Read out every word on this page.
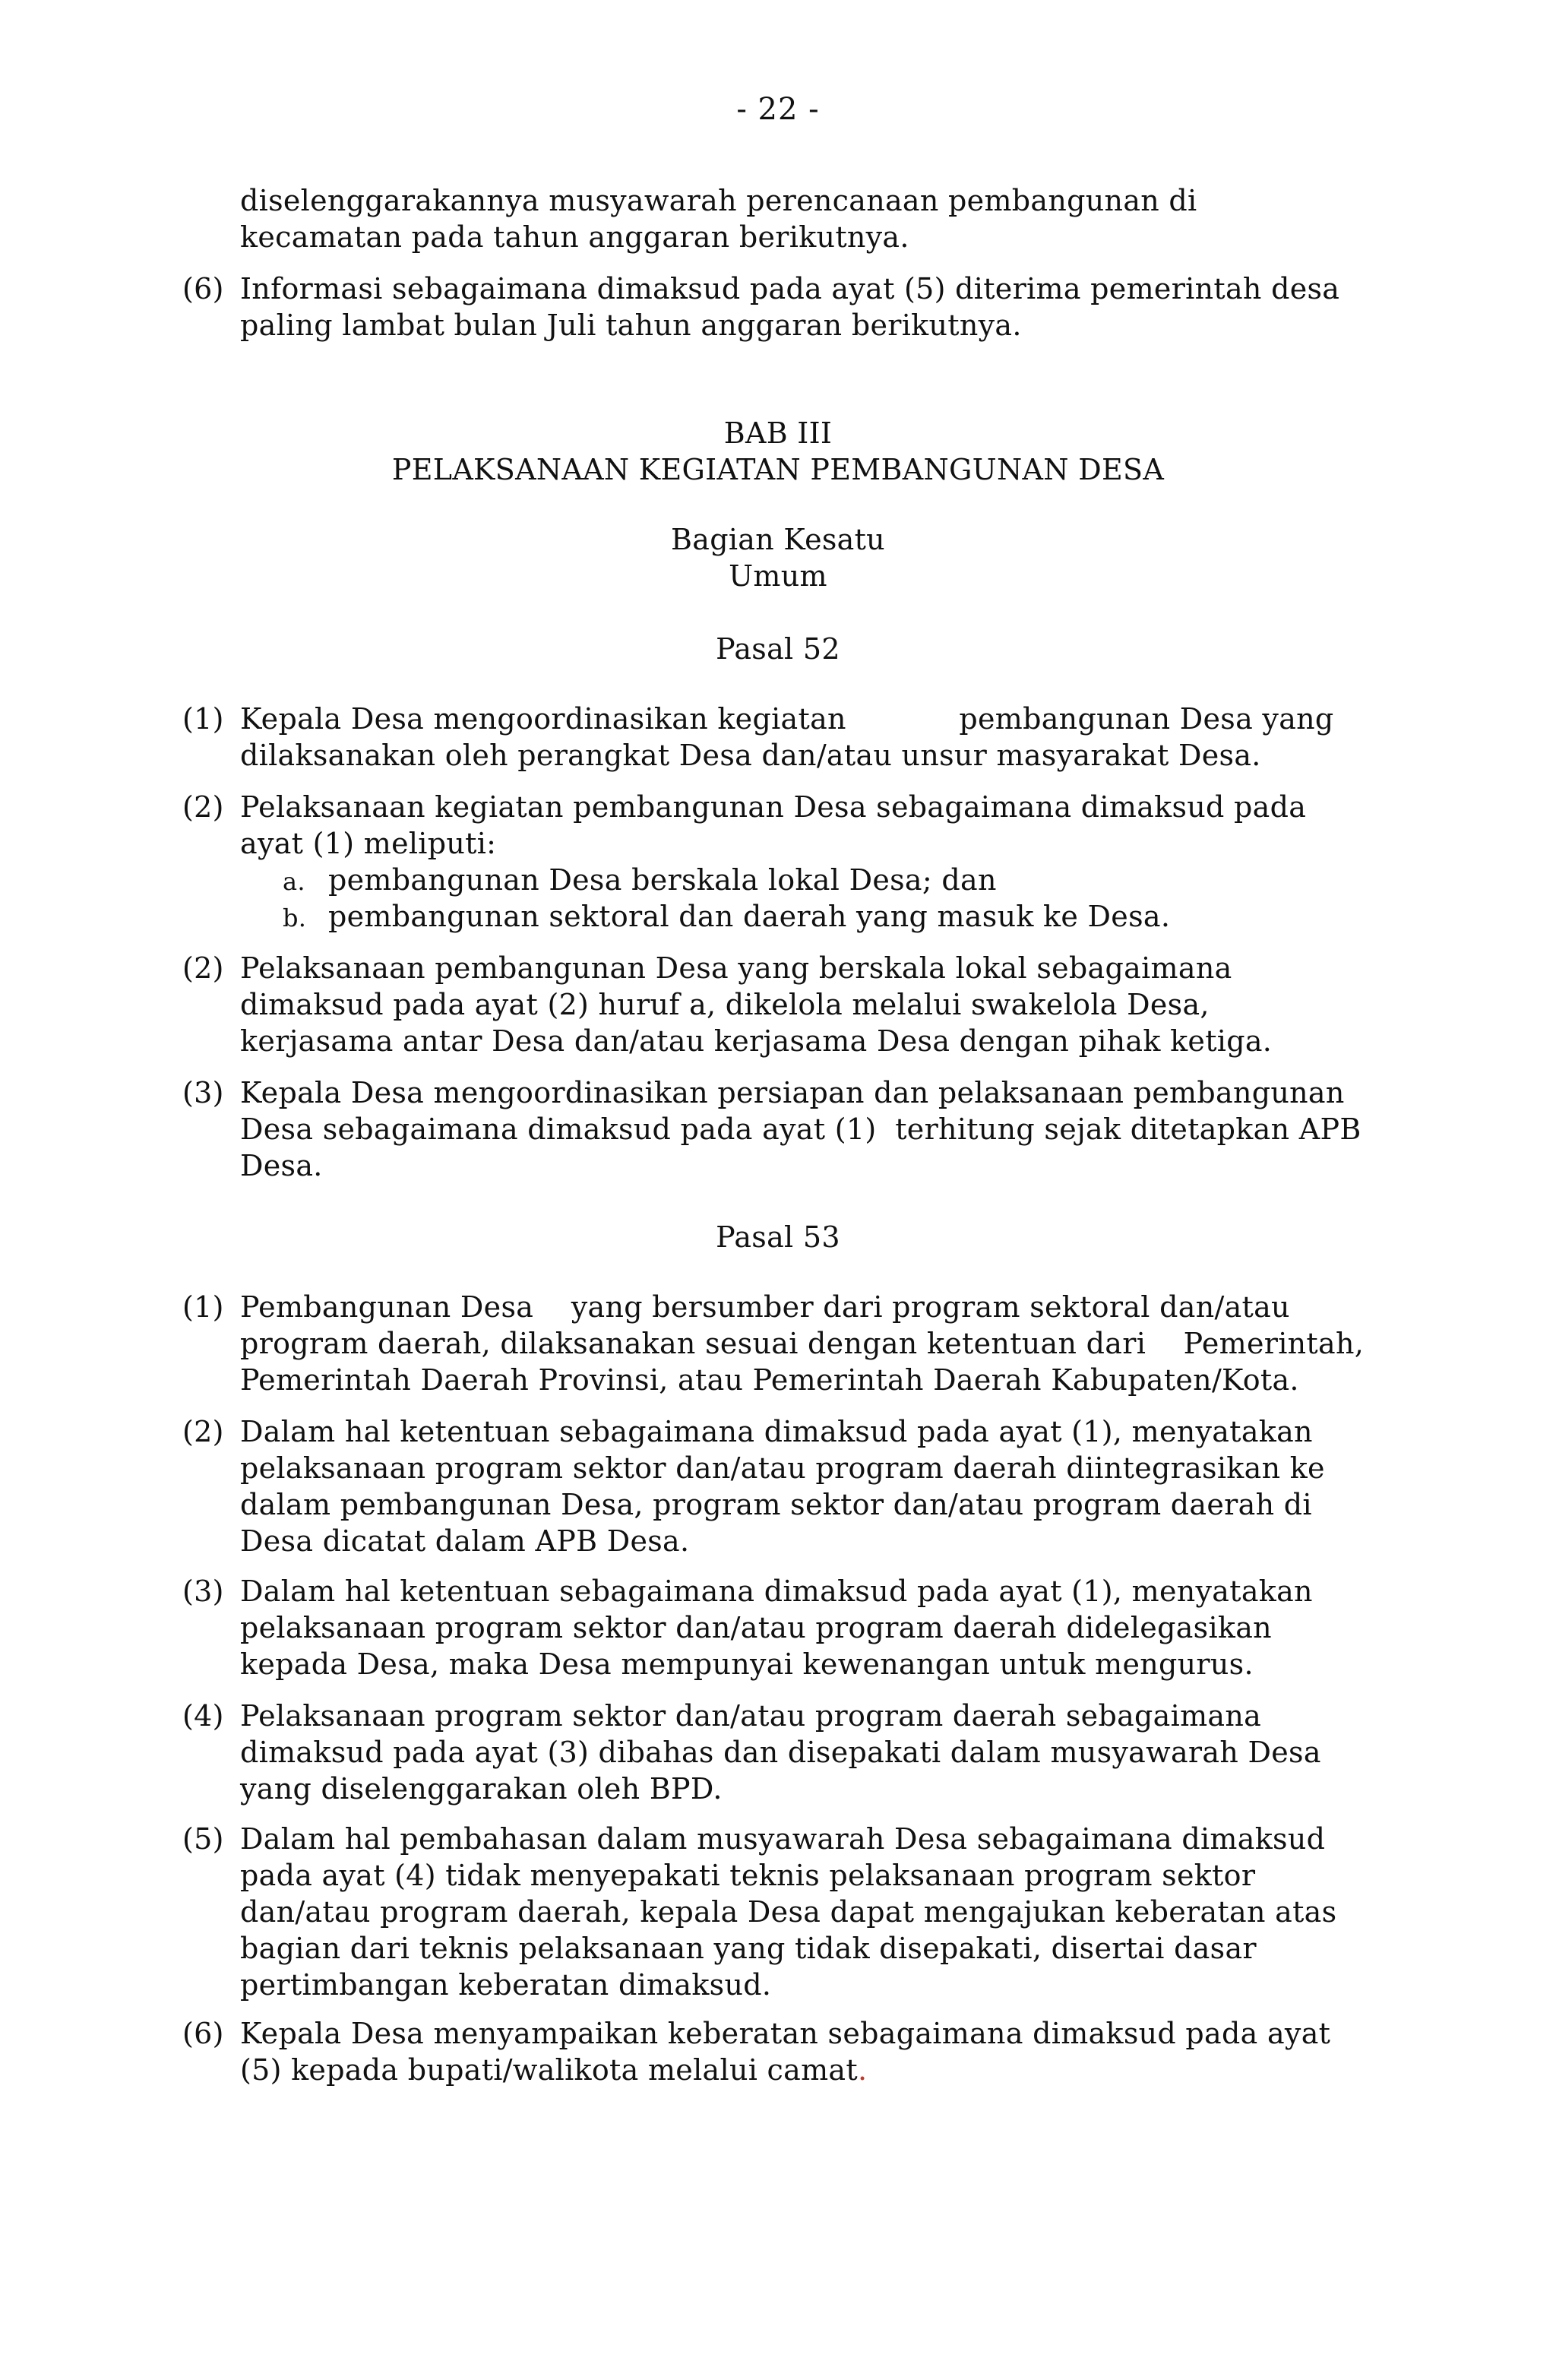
- 22 -
diselenggarakannya musyawarah perencanaan pembangunan di
kecamatan pada tahun anggaran berikutnya.
(6) Informasi sebagaimana dimaksud pada ayat (5) diterima pemerintah desa
paling lambat bulan Juli tahun anggaran berikutnya.
BAB III
PELAKSANAAN KEGIATAN PEMBANGUNAN DESA
Bagian Kesatu
Umum
Pasal 52
(1) Kepala Desa mengoordinasikan kegiatan            pembangunan Desa yang
dilaksanakan oleh perangkat Desa dan/atau unsur masyarakat Desa.
(2) Pelaksanaan kegiatan pembangunan Desa sebagaimana dimaksud pada
ayat (1) meliputi:
a. pembangunan Desa berskala lokal Desa; dan
b. pembangunan sektoral dan daerah yang masuk ke Desa.
(2) Pelaksanaan pembangunan Desa yang berskala lokal sebagaimana
dimaksud pada ayat (2) huruf a, dikelola melalui swakelola Desa,
kerjasama antar Desa dan/atau kerjasama Desa dengan pihak ketiga.
(3) Kepala Desa mengoordinasikan persiapan dan pelaksanaan pembangunan
Desa sebagaimana dimaksud pada ayat (1)  terhitung sejak ditetapkan APB
Desa.
Pasal 53
(1) Pembangunan Desa    yang bersumber dari program sektoral dan/atau
program daerah, dilaksanakan sesuai dengan ketentuan dari    Pemerintah,
Pemerintah Daerah Provinsi, atau Pemerintah Daerah Kabupaten/Kota.
(2) Dalam hal ketentuan sebagaimana dimaksud pada ayat (1), menyatakan
pelaksanaan program sektor dan/atau program daerah diintegrasikan ke
dalam pembangunan Desa, program sektor dan/atau program daerah di
Desa dicatat dalam APB Desa.
(3) Dalam hal ketentuan sebagaimana dimaksud pada ayat (1), menyatakan
pelaksanaan program sektor dan/atau program daerah didelegasikan
kepada Desa, maka Desa mempunyai kewenangan untuk mengurus.
(4) Pelaksanaan program sektor dan/atau program daerah sebagaimana
dimaksud pada ayat (3) dibahas dan disepakati dalam musyawarah Desa
yang diselenggarakan oleh BPD.
(5) Dalam hal pembahasan dalam musyawarah Desa sebagaimana dimaksud
pada ayat (4) tidak menyepakati teknis pelaksanaan program sektor
dan/atau program daerah, kepala Desa dapat mengajukan keberatan atas
bagian dari teknis pelaksanaan yang tidak disepakati, disertai dasar
pertimbangan keberatan dimaksud.
(6) Kepala Desa menyampaikan keberatan sebagaimana dimaksud pada ayat
(5) kepada bupati/walikota melalui camat.
